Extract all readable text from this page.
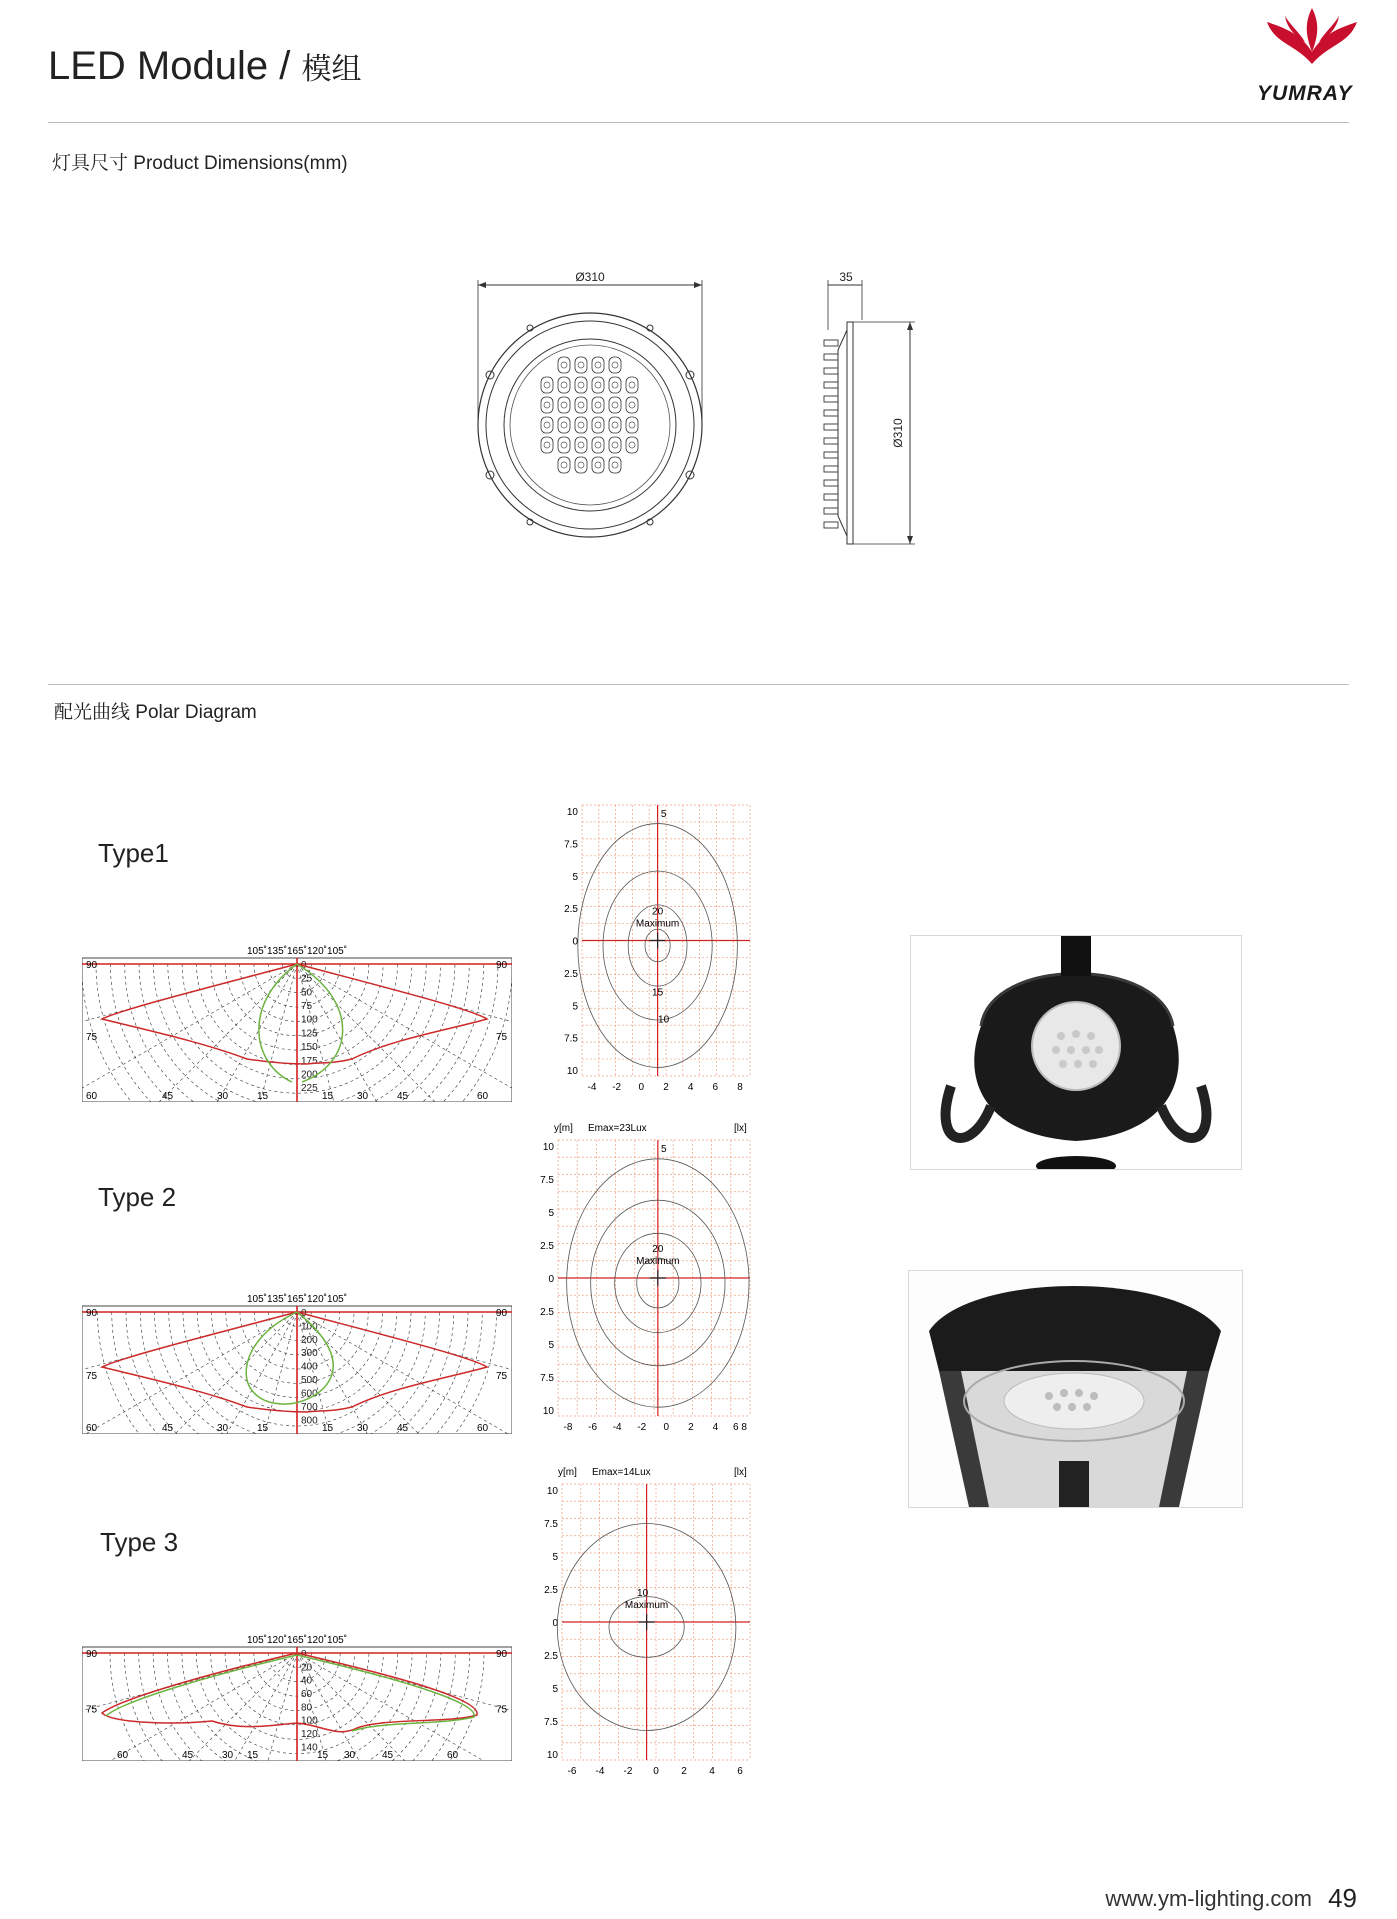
LED Module / 模组
YUMRAY
灯具尺寸 Product Dimensions(mm)
Ø310	35
Ø310
配光曲线 Polar Diagram
Type1
Type 2
Type 3
105˚135˚165˚120˚105˚
90	90
75	75
60	45	30	15	15 30	45	60
0
25
50
75
100
125
150
175
200
225
105˚135˚165˚120˚105˚
90	90
75	75
60	45	30	15	15 30	45	60
0
100
200
300
400
500
600
700
800
105˚120˚165˚120˚105˚
90	90
75	75
60	45	30 15	15 30	45	60
0
20
40
60
80
100
120
140
10
7.5
5
2.5
0
2.5
5
7.5
10
-4 -2 0 2 4 6 8
Maximum
5
20
15
10
y[m] Emax=23Lux	[lx]
10
7.5
5
2.5
0
2.5
5
7.5
10
-8 -6 -4 -2 0 2 4 6 8
Maximum
5
20
y[m] Emax=14Lux	[lx]
10
7.5
5
2.5
0
2.5
5
7.5
10
-6 -4 -2 0 2 4 6
Maximum
10
www.ym-lighting.com 49
